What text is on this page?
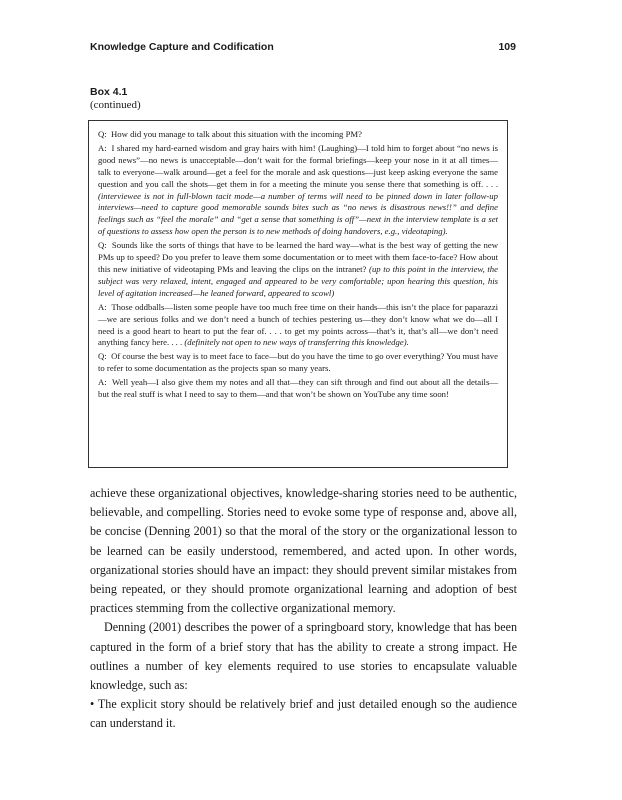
Knowledge Capture and Codification	109
Box 4.1
(continued)

Q: How did you manage to talk about this situation with the incoming PM?

A: I shared my hard-earned wisdom and gray hairs with him! (Laughing)—I told him to forget about “no news is good news”—no news is unacceptable—don’t wait for the formal briefings—keep your nose in it at all times—talk to everyone—walk around—get a feel for the morale and ask questions—just keep asking everyone the same question and you call the shots—get them in for a meeting the minute you sense there that something is off. . . . (interviewee is not in full-blown tacit mode—a number of terms will need to be pinned down in later follow-up interviews—need to capture good memorable sounds bites such as “no news is disastrous news!!” and define feelings such as “feel the morale” and “get a sense that something is off”—next in the interview template is a set of questions to assess how open the person is to new methods of doing handovers, e.g., videotaping).

Q: Sounds like the sorts of things that have to be learned the hard way—what is the best way of getting the new PMs up to speed? Do you prefer to leave them some documentation or to meet with them face-to-face? How about this new initiative of videotaping PMs and leaving the clips on the intranet? (up to this point in the interview, the subject was very relaxed, intent, engaged and appeared to be very comfortable; upon hearing this question, his level of agitation increased—he leaned forward, appeared to scowl)

A: Those oddballs—listen some people have too much free time on their hands—this isn’t the place for paparazzi—we are serious folks and we don’t need a bunch of techies pestering us—they don’t know what we do—all I need is a good heart to heart to put the fear of. . . . to get my points across—that’s it, that’s all—we don’t need anything fancy here. . . . (definitely not open to new ways of transferring this knowledge).

Q: Of course the best way is to meet face to face—but do you have the time to go over everything? You must have to refer to some documentation as the projects span so many years.

A: Well yeah—I also give them my notes and all that—they can sift through and find out about all the details—but the real stuff is what I need to say to them—and that won’t be shown on YouTube any time soon!

achieve these organizational objectives, knowledge-sharing stories need to be authentic, believable, and compelling. Stories need to evoke some type of response and, above all, be concise (Denning 2001) so that the moral of the story or the organizational lesson to be learned can be easily understood, remembered, and acted upon. In other words, organizational stories should have an impact: they should prevent similar mistakes from being repeated, or they should promote organizational learning and adoption of best practices stemming from the collective organizational memory.

Denning (2001) describes the power of a springboard story, knowledge that has been captured in the form of a brief story that has the ability to create a strong impact. He outlines a number of key elements required to use stories to encapsulate valuable knowledge, such as:

• The explicit story should be relatively brief and just detailed enough so the audience can understand it.
